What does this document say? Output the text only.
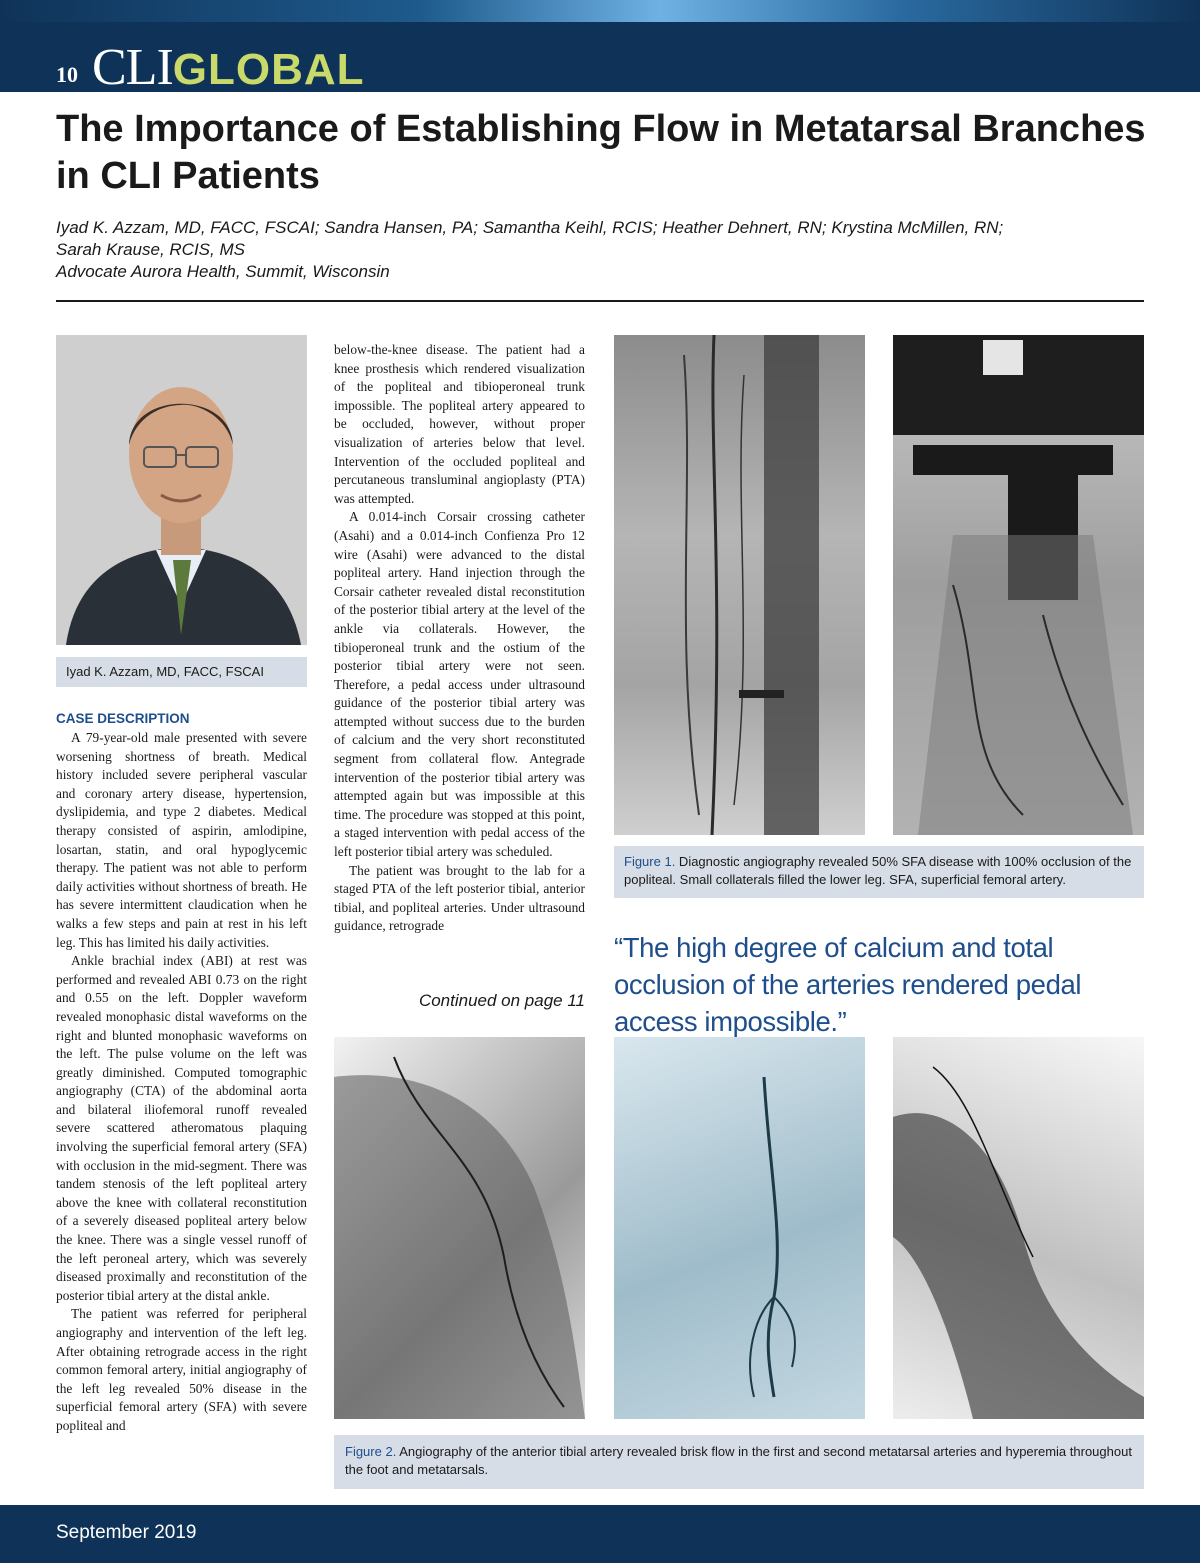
10 CLIGLOBAL
The Importance of Establishing Flow in Metatarsal Branches in CLI Patients
Iyad K. Azzam, MD, FACC, FSCAI; Sandra Hansen, PA; Samantha Keihl, RCIS; Heather Dehnert, RN; Krystina McMillen, RN;
Sarah Krause, RCIS, MS
Advocate Aurora Health, Summit, Wisconsin
Iyad K. Azzam, MD, FACC, FSCAI
CASE DESCRIPTION

A 79-year-old male presented with severe worsening shortness of breath. Medical history included severe peripheral vascular and coronary artery disease, hypertension, dyslipidemia, and type 2 diabetes. Medical therapy consisted of aspirin, amlodipine, losartan, statin, and oral hypoglycemic therapy. The patient was not able to perform daily activities without shortness of breath. He has severe intermittent claudication when he walks a few steps and pain at rest in his left leg. This has limited his daily activities.

Ankle brachial index (ABI) at rest was performed and revealed ABI 0.73 on the right and 0.55 on the left. Doppler waveform revealed monophasic distal waveforms on the right and blunted monophasic waveforms on the left. The pulse volume on the left was greatly diminished. Computed tomographic angiography (CTA) of the abdominal aorta and bilateral iliofemoral runoff revealed severe scattered atheromatous plaquing involving the superficial femoral artery (SFA) with occlusion in the mid-segment. There was tandem stenosis of the left popliteal artery above the knee with collateral reconstitution of a severely diseased popliteal artery below the knee. There was a single vessel runoff of the left peroneal artery, which was severely diseased proximally and reconstitution of the posterior tibial artery at the distal ankle.

The patient was referred for peripheral angiography and intervention of the left leg. After obtaining retrograde access in the right common femoral artery, initial angiography of the left leg revealed 50% disease in the superficial femoral artery (SFA) with severe popliteal and

below-the-knee disease. The patient had a knee prosthesis which rendered visualization of the popliteal and tibioperoneal trunk impossible. The popliteal artery appeared to be occluded, however, without proper visualization of arteries below that level. Intervention of the occluded popliteal and percutaneous transluminal angioplasty (PTA) was attempted.

A 0.014-inch Corsair crossing catheter (Asahi) and a 0.014-inch Confienza Pro 12 wire (Asahi) were advanced to the distal popliteal artery. Hand injection through the Corsair catheter revealed distal reconstitution of the posterior tibial artery at the level of the ankle via collaterals. However, the tibioperoneal trunk and the ostium of the posterior tibial artery were not seen. Therefore, a pedal access under ultrasound guidance of the posterior tibial artery was attempted without success due to the burden of calcium and the very short reconstituted segment from collateral flow. Antegrade intervention of the posterior tibial artery was attempted again but was impossible at this time. The procedure was stopped at this point, a staged intervention with pedal access of the left posterior tibial artery was scheduled.

The patient was brought to the lab for a staged PTA of the left posterior tibial, anterior tibial, and popliteal arteries. Under ultrasound guidance, retrograde

Continued on page 11
Figure 1. Diagnostic angiography revealed 50% SFA disease with 100% occlusion of the popliteal. Small collaterals filled the lower leg. SFA, superficial femoral artery.
“The high degree of calcium and total occlusion of the arteries rendered pedal access impossible.”
Figure 2. Angiography of the anterior tibial artery revealed brisk flow in the first and second metatarsal arteries and hyperemia throughout the foot and metatarsals.
September 2019
